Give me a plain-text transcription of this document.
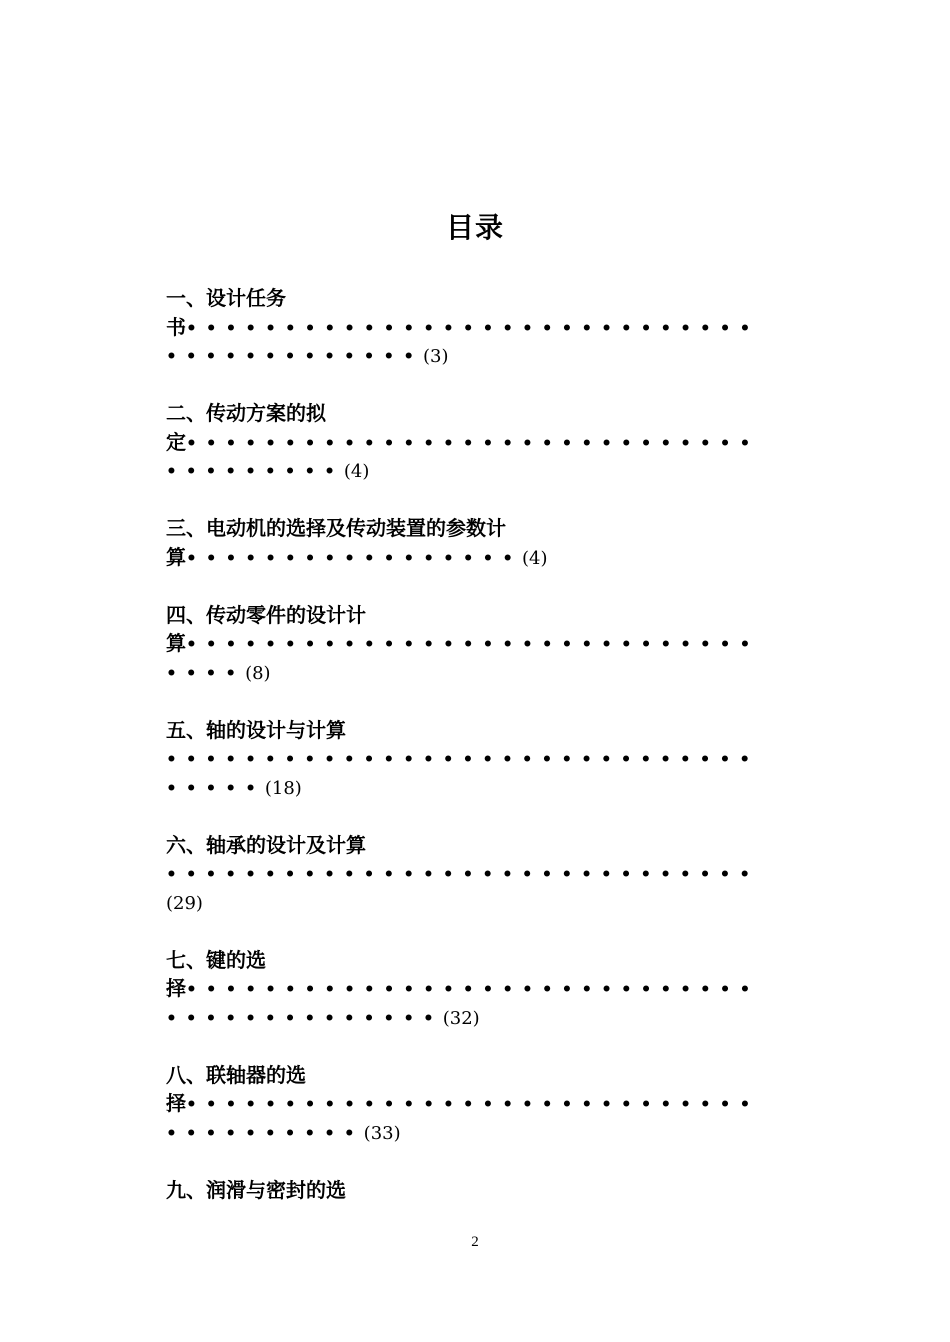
目录
一、设计任务
书•••••••••••••••••••••••••••••
•••••••••••••(3)
二、传动方案的拟
定•••••••••••••••••••••••••••••
•••••••••(4)
三、电动机的选择及传动装置的参数计
算•••••••••••••••••(4)
四、传动零件的设计计
算•••••••••••••••••••••••••••••
••••(8)
五、轴的设计与计算
••••••••••••••••••••••••••••••
•••••(18)
六、轴承的设计及计算
••••••••••••••••••••••••••••••
(29)
七、键的选
择•••••••••••••••••••••••••••••
••••••••••••••(32)
八、联轴器的选
择•••••••••••••••••••••••••••••
••••••••••(33)
九、润滑与密封的选
2
